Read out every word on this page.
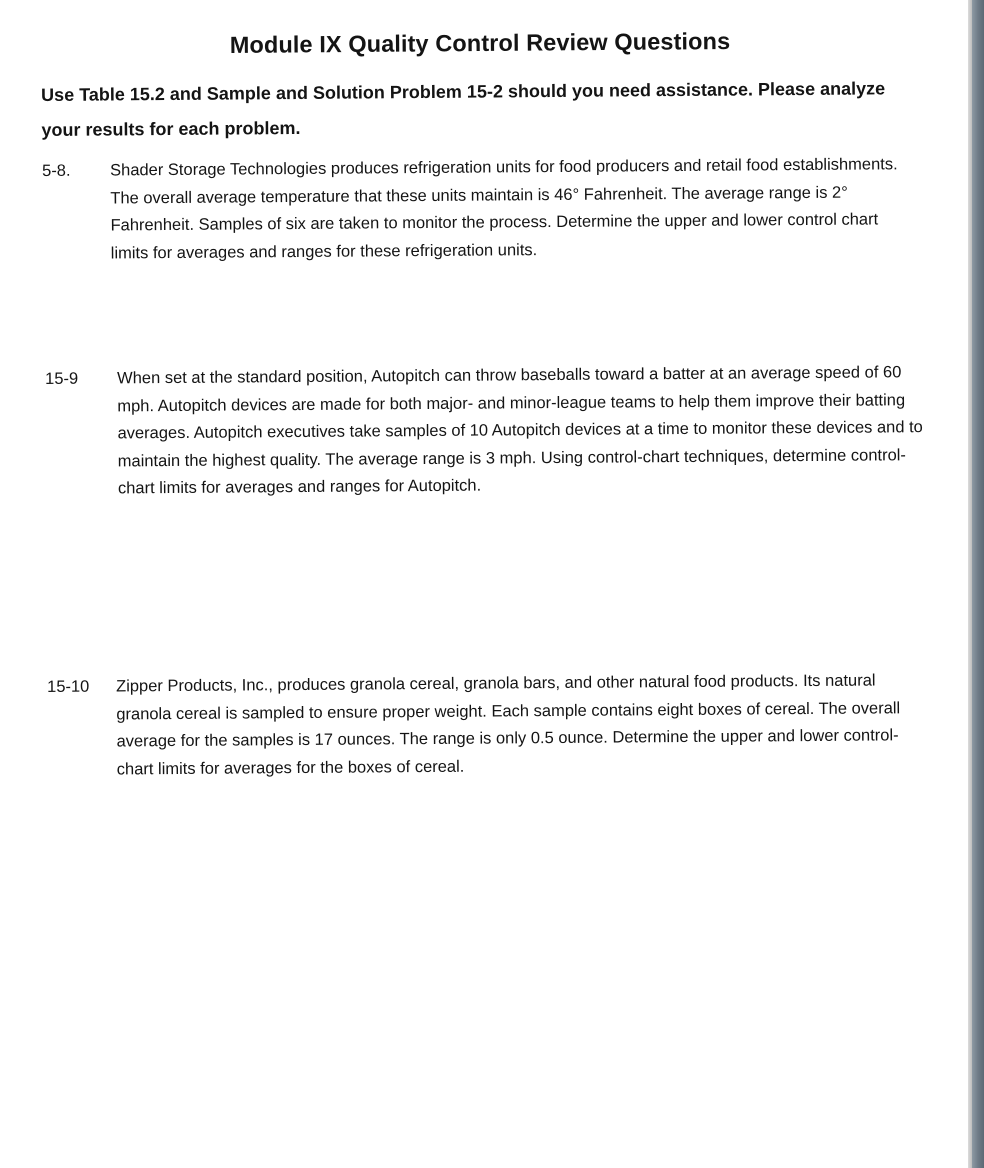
Module IX Quality Control Review Questions
Use Table 15.2 and Sample and Solution Problem 15-2 should you need assistance. Please analyze your results for each problem.
5-8. Shader Storage Technologies produces refrigeration units for food producers and retail food establishments. The overall average temperature that these units maintain is 46° Fahrenheit. The average range is 2° Fahrenheit. Samples of six are taken to monitor the process. Determine the upper and lower control chart limits for averages and ranges for these refrigeration units.
15-9 When set at the standard position, Autopitch can throw baseballs toward a batter at an average speed of 60 mph. Autopitch devices are made for both major- and minor-league teams to help them improve their batting averages. Autopitch executives take samples of 10 Autopitch devices at a time to monitor these devices and to maintain the highest quality. The average range is 3 mph. Using control-chart techniques, determine control-chart limits for averages and ranges for Autopitch.
15-10 Zipper Products, Inc., produces granola cereal, granola bars, and other natural food products. Its natural granola cereal is sampled to ensure proper weight. Each sample contains eight boxes of cereal. The overall average for the samples is 17 ounces. The range is only 0.5 ounce. Determine the upper and lower control-chart limits for averages for the boxes of cereal.
